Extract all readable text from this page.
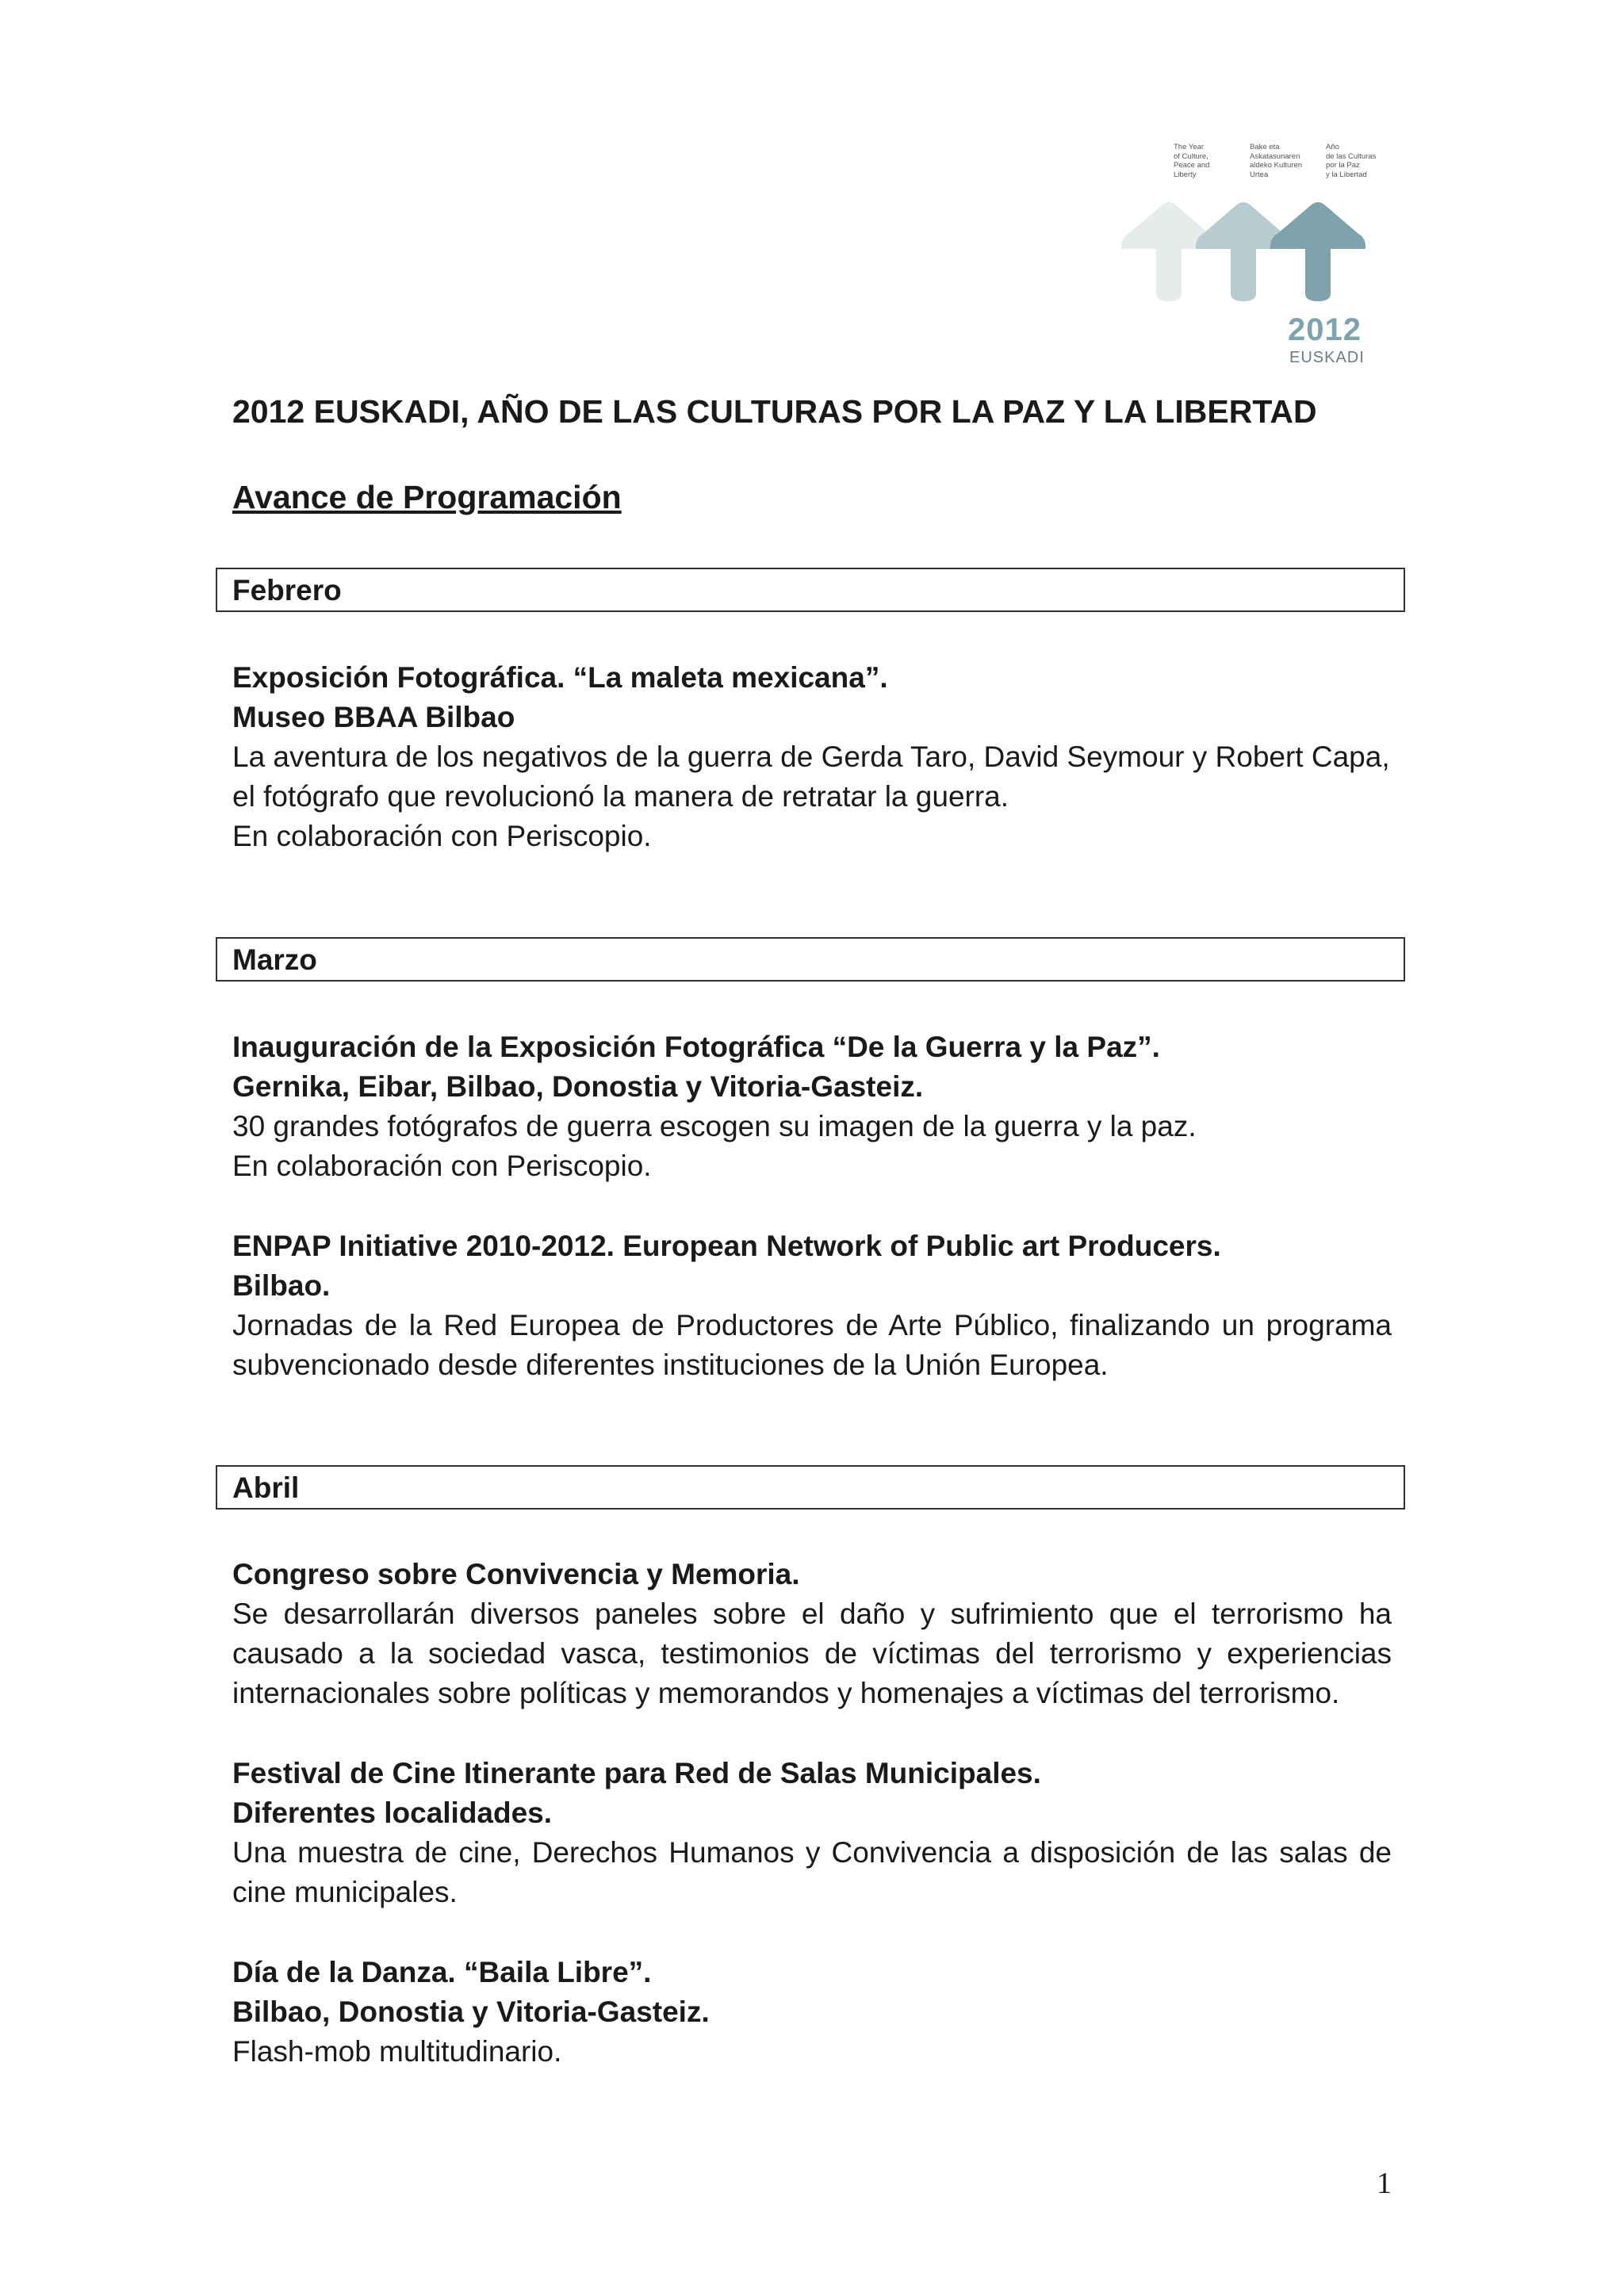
The Year
of Culture,
Peace and
Liberty
Bake eta
Askatasunaren
aldeko Kulturen
Urtea
Año
de las Culturas
por la Paz
y la Libertad
2012
EUSKADI
2012 EUSKADI, AÑO DE LAS CULTURAS POR LA PAZ Y LA LIBERTAD
Avance de Programación
Febrero

Exposición Fotográfica. “La maleta mexicana”.

Museo BBAA Bilbao

La aventura de los negativos de la guerra de Gerda Taro, David Seymour y Robert Capa, el fotógrafo que revolucionó la manera de retratar la guerra.

En colaboración con Periscopio.

Marzo

Inauguración de la Exposición Fotográfica “De la Guerra y la Paz”.

Gernika, Eibar, Bilbao, Donostia y Vitoria-Gasteiz.

30 grandes fotógrafos de guerra escogen su imagen de la guerra y la paz.

En colaboración con Periscopio.

ENPAP Initiative 2010-2012. European Network of Public art Producers.

Bilbao.

Jornadas de la Red Europea de Productores de Arte Público, finalizando un programa subvencionado desde diferentes instituciones de la Unión Europea.

Abril

Congreso sobre Convivencia y Memoria.

Se desarrollarán diversos paneles sobre el daño y sufrimiento que el terrorismo ha causado a la sociedad vasca, testimonios de víctimas del terrorismo y experiencias internacionales sobre políticas y memorandos y homenajes a víctimas del terrorismo.

Festival de Cine Itinerante para Red de Salas Municipales.

Diferentes localidades.

Una muestra de cine, Derechos Humanos y Convivencia a disposición de las salas de cine municipales.

Día de la Danza. “Baila Libre”.

Bilbao, Donostia y Vitoria-Gasteiz.

Flash-mob multitudinario.

1
